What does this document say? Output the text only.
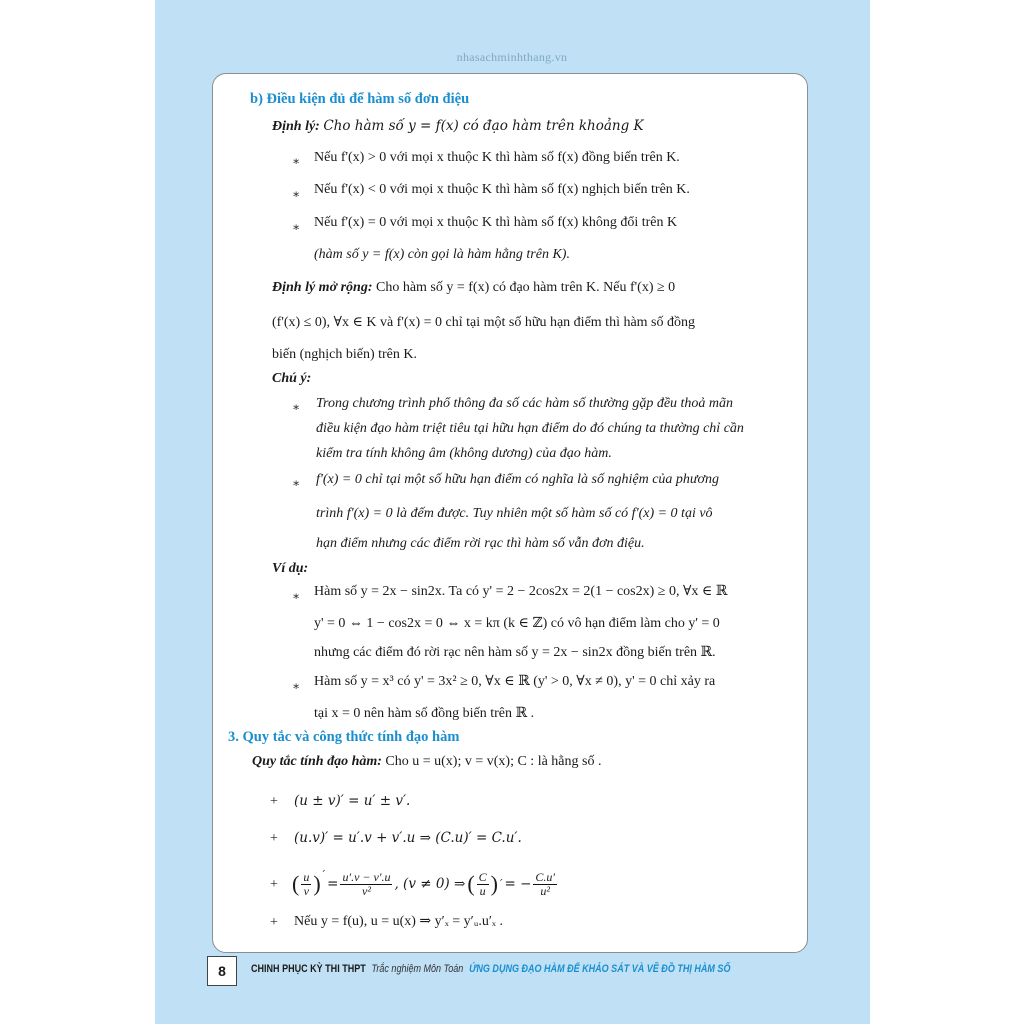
nhasachminhthang.vn
b) Điều kiện đủ để hàm số đơn điệu
Định lý: Cho hàm số y = f(x) có đạo hàm trên khoảng K
∗ Nếu f'(x) > 0 với mọi x thuộc K thì hàm số f(x) đồng biến trên K.
∗ Nếu f'(x) < 0 với mọi x thuộc K thì hàm số f(x) nghịch biến trên K.
∗ Nếu f'(x) = 0 với mọi x thuộc K thì hàm số f(x) không đổi trên K
(hàm số y = f(x) còn gọi là hàm hằng trên K).
Định lý mở rộng: Cho hàm số y = f(x) có đạo hàm trên K. Nếu f'(x) ≥ 0
(f'(x) ≤ 0), ∀x ∈ K và f'(x) = 0 chỉ tại một số hữu hạn điểm thì hàm số đồng
biến (nghịch biến) trên K.
Chú ý:
∗ Trong chương trình phổ thông đa số các hàm số thường gặp đều thoả mãn
điều kiện đạo hàm triệt tiêu tại hữu hạn điểm do đó chúng ta thường chỉ cần
kiểm tra tính không âm (không dương) của đạo hàm.
∗ f'(x) = 0 chỉ tại một số hữu hạn điểm có nghĩa là số nghiệm của phương
trình f'(x) = 0 là đếm được. Tuy nhiên một số hàm số có f'(x) = 0 tại vô
hạn điểm nhưng các điểm rời rạc thì hàm số vẫn đơn điệu.
Ví dụ:
∗ Hàm số y = 2x − sin2x. Ta có y' = 2 − 2cos2x = 2(1 − cos2x) ≥ 0, ∀x ∈ ℝ
y' = 0 ⇔ 1 − cos2x = 0 ⇔ x = kπ (k ∈ ℤ) có vô hạn điểm làm cho y' = 0
nhưng các điểm đó rời rạc nên hàm số y = 2x − sin2x đồng biến trên ℝ.
∗ Hàm số y = x³ có y' = 3x² ≥ 0, ∀x ∈ ℝ (y' > 0, ∀x ≠ 0), y' = 0 chỉ xảy ra
tại x = 0 nên hàm số đồng biến trên ℝ .
3. Quy tắc và công thức tính đạo hàm
Quy tắc tính đạo hàm: Cho u = u(x); v = v(x); C : là hằng số .
+ (u ± v)′ = u′ ± v′.
+ (u.v)′ = u′.v + v′.u ⇒ (C.u)′ = C.u′.
+ ( $\frac{u}{v}$ ) ′
= $\frac{u'.v - v'.u}{\text{v²}}$ , (v ≠ 0) ⇒ ( $\frac{C}{u}$ ) ′ = − $\frac{C.u'}{\text{u²}}$
+ Nếu y = f(u), u = u(x) ⇒ y′ₓ = y′ᵤ.u′ₓ .
8	CHINH PHỤC KỲ THI THPT Trắc nghiệm Môn Toán ỨNG DỤNG ĐẠO HÀM ĐỂ KHẢO SÁT VÀ VẼ ĐỒ THỊ HÀM SỐ
